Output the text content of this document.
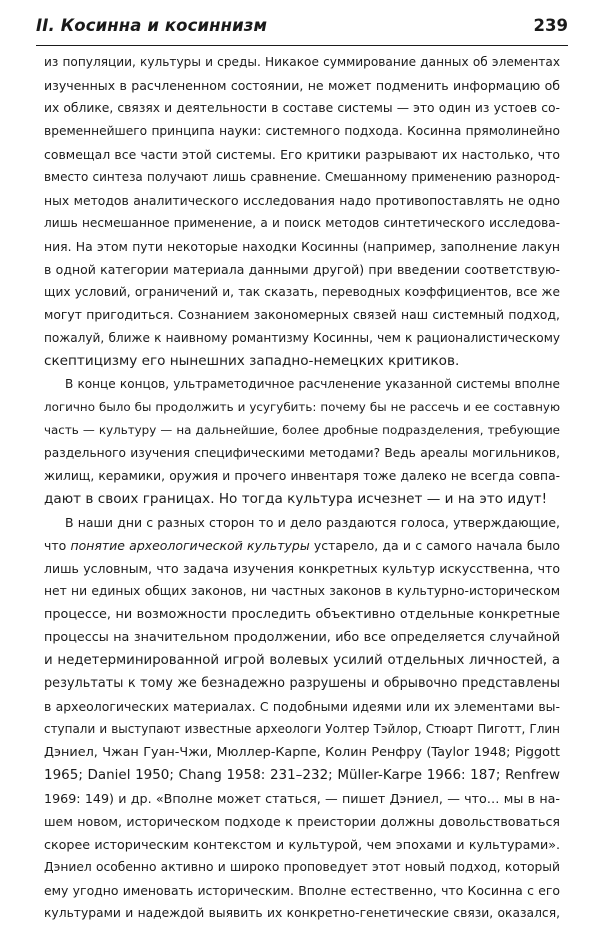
II. Косинна и косиннизм	239
из популяции, культуры и среды. Никакое суммирование данных об элементах
изученных в расчлененном состоянии, не может подменить информацию об
их облике, связях и деятельности в составе системы — это один из устоев со-
временнейшего принципа науки: системного подхода. Косинна прямолинейно
совмещал все части этой системы. Его критики разрывают их настолько, что
вместо синтеза получают лишь сравнение. Смешанному применению разнород-
ных методов аналитического исследования надо противопоставлять не одно
лишь несмешанное применение, а и поиск методов синтетического исследова-
ния. На этом пути некоторые находки Косинны (например, заполнение лакун
в одной категории материала данными другой) при введении соответствую-
щих условий, ограничений и, так сказать, переводных коэффициентов, все же
могут пригодиться. Сознанием закономерных связей наш системный подход,
пожалуй, ближе к наивному романтизму Косинны, чем к рационалистическому
скептицизму его нынешних западно-немецких критиков.
В конце концов, ультраметодичное расчленение указанной системы вполне
логично было бы продолжить и усугубить: почему бы не рассечь и ее составную
часть — культуру — на дальнейшие, более дробные подразделения, требующие
раздельного изучения специфическими методами? Ведь ареалы могильников,
жилищ, керамики, оружия и прочего инвентаря тоже далеко не всегда совпа-
дают в своих границах. Но тогда культура исчезнет — и на это идут!
В наши дни с разных сторон то и дело раздаются голоса, утверждающие,
что понятие археологической культуры устарело, да и с самого начала было
лишь условным, что задача изучения конкретных культур искусственна, что
нет ни единых общих законов, ни частных законов в культурно-историческом
процессе, ни возможности проследить объективно отдельные конкретные
процессы на значительном продолжении, ибо все определяется случайной
и недетерминированной игрой волевых усилий отдельных личностей, а
результаты к тому же безнадежно разрушены и обрывочно представлены
в археологических материалах. С подобными идеями или их элементами вы-
ступали и выступают известные археологи Уолтер Тэйлор, Стюарт Пиготт, Глин
Дэниел, Чжан Гуан-Чжи, Мюллер-Карпе, Колин Ренфру (Taylor 1948; Piggott
1965; Daniel 1950; Chang 1958: 231–232; Müller-Karpe 1966: 187; Renfrew
1969: 149) и др. «Вполне может статься, — пишет Дэниел, — что… мы в на-
шем новом, историческом подходе к преистории должны довольствоваться
скорее историческим контекстом и культурой, чем эпохами и культурами».
Дэниел особенно активно и широко проповедует этот новый подход, который
ему угодно именовать историческим. Вполне естественно, что Косинна с его
культурами и надеждой выявить их конкретно-генетические связи, оказался,
